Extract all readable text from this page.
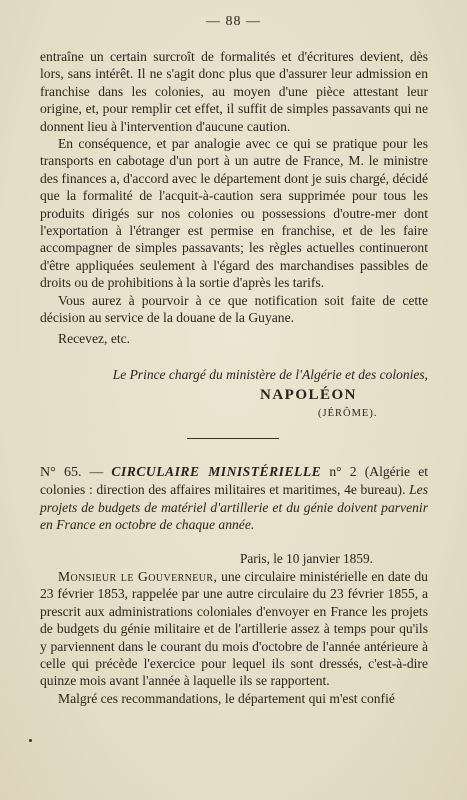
— 88 —
entraîne un certain surcroît de formalités et d'écritures devient, dès lors, sans intérêt. Il ne s'agit donc plus que d'assurer leur admission en franchise dans les colonies, au moyen d'une pièce attestant leur origine, et, pour remplir cet effet, il suffit de simples passavants qui ne donnent lieu à l'intervention d'aucune caution.
En conséquence, et par analogie avec ce qui se pratique pour les transports en cabotage d'un port à un autre de France, M. le ministre des finances a, d'accord avec le département dont je suis chargé, décidé que la formalité de l'acquit-à-caution sera supprimée pour tous les produits dirigés sur nos colonies ou possessions d'outre-mer dont l'exportation à l'étranger est permise en franchise, et de les faire accompagner de simples passavants; les règles actuelles continueront d'être appliquées seulement à l'égard des marchandises passibles de droits ou de prohibitions à la sortie d'après les tarifs.
Vous aurez à pourvoir à ce que notification soit faite de cette décision au service de la douane de la Guyane.
Recevez, etc.
Le Prince chargé du ministère de l'Algérie et des colonies,
NAPOLÉON
(JÉRÔME).
N° 65. — CIRCULAIRE MINISTÉRIELLE n° 2 (Algérie et colonies : direction des affaires militaires et maritimes, 4e bureau). Les projets de budgets de matériel d'artillerie et du génie doivent parvenir en France en octobre de chaque année.
Paris, le 10 janvier 1859.
Monsieur le Gouverneur, une circulaire ministérielle en date du 23 février 1853, rappelée par une autre circulaire du 23 février 1855, a prescrit aux administrations coloniales d'envoyer en France les projets de budgets du génie militaire et de l'artillerie assez à temps pour qu'ils y parviennent dans le courant du mois d'octobre de l'année antérieure à celle qui précède l'exercice pour lequel ils sont dressés, c'est-à-dire quinze mois avant l'année à laquelle ils se rapportent.
Malgré ces recommandations, le département qui m'est confié
